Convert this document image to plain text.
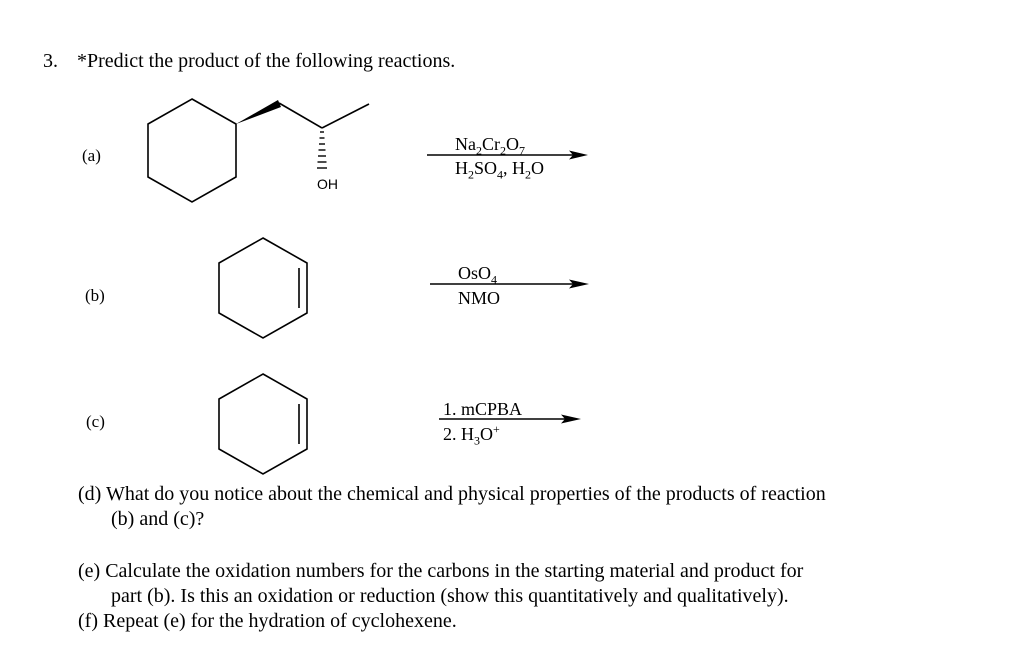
3. *Predict the product of the following reactions.
(a)
OH
$Na_2Cr_2O_7$
$H_2SO_4$, $H_2O$
(b)
OsO$_4$
NMO
(c)
1. mCPBA
2. $H_3O^+$
(d) What do you notice about the chemical and physical properties of the products of reaction
(b) and (c)?
(e) Calculate the oxidation numbers for the carbons in the starting material and product for
part (b). Is this an oxidation or reduction (show this quantitatively and qualitatively).
(f) Repeat (e) for the hydration of cyclohexene.
